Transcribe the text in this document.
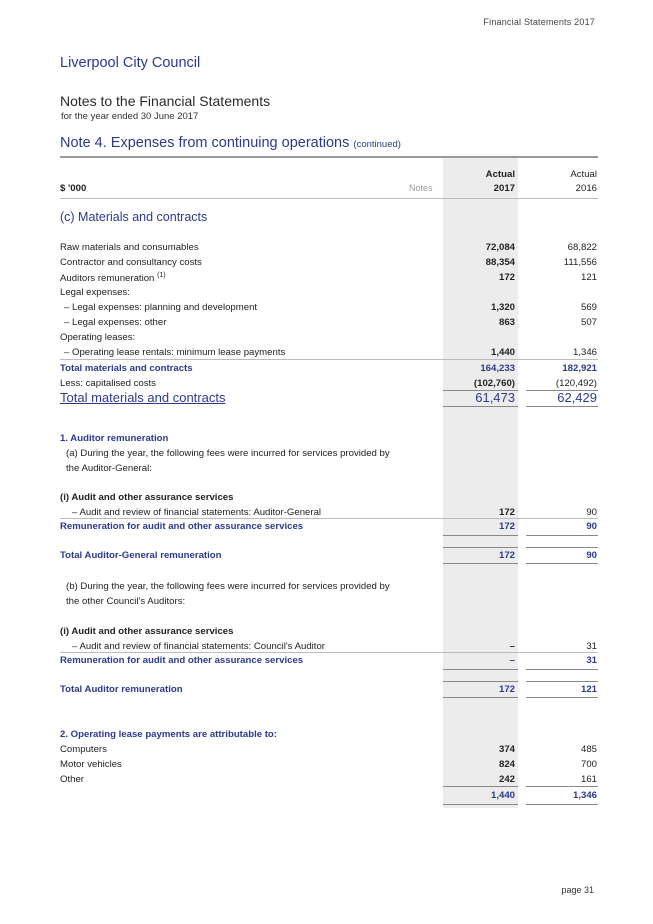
Financial Statements 2017
Liverpool City Council
Notes to the Financial Statements
for the year ended 30 June 2017
Note 4. Expenses from continuing operations (continued)
Actual	Actual
$ '000	Notes	2017	2016
(c) Materials and contracts
Raw materials and consumables	72,084	68,822
Contractor and consultancy costs	88,354	111,556
Auditors remuneration $^{(1)}$	172	121
Legal expenses:
– Legal expenses: planning and development	1,320	569
– Legal expenses: other	863	507
Operating leases:
– Operating lease rentals: minimum lease payments	1,440	1,346
Total materials and contracts	164,233	182,921
Less: capitalised costs	(102,760)	(120,492)
Total materials and contracts	61,473	62,429
1. Auditor remuneration
(a) During the year, the following fees were incurred for services provided by
the Auditor-General:
(i) Audit and other assurance services
– Audit and review of financial statements: Auditor-General	172	90
Remuneration for audit and other assurance services	172	90
Total Auditor-General remuneration	172	90
(b) During the year, the following fees were incurred for services provided by
the other Council's Auditors:
(i) Audit and other assurance services
– Audit and review of financial statements: Council's Auditor	–	31
Remuneration for audit and other assurance services	–	31
Total Auditor remuneration	172	121
2. Operating lease payments are attributable to:
Computers	374	485
Motor vehicles	824	700
Other	242	161
1,440	1,346
page 31
